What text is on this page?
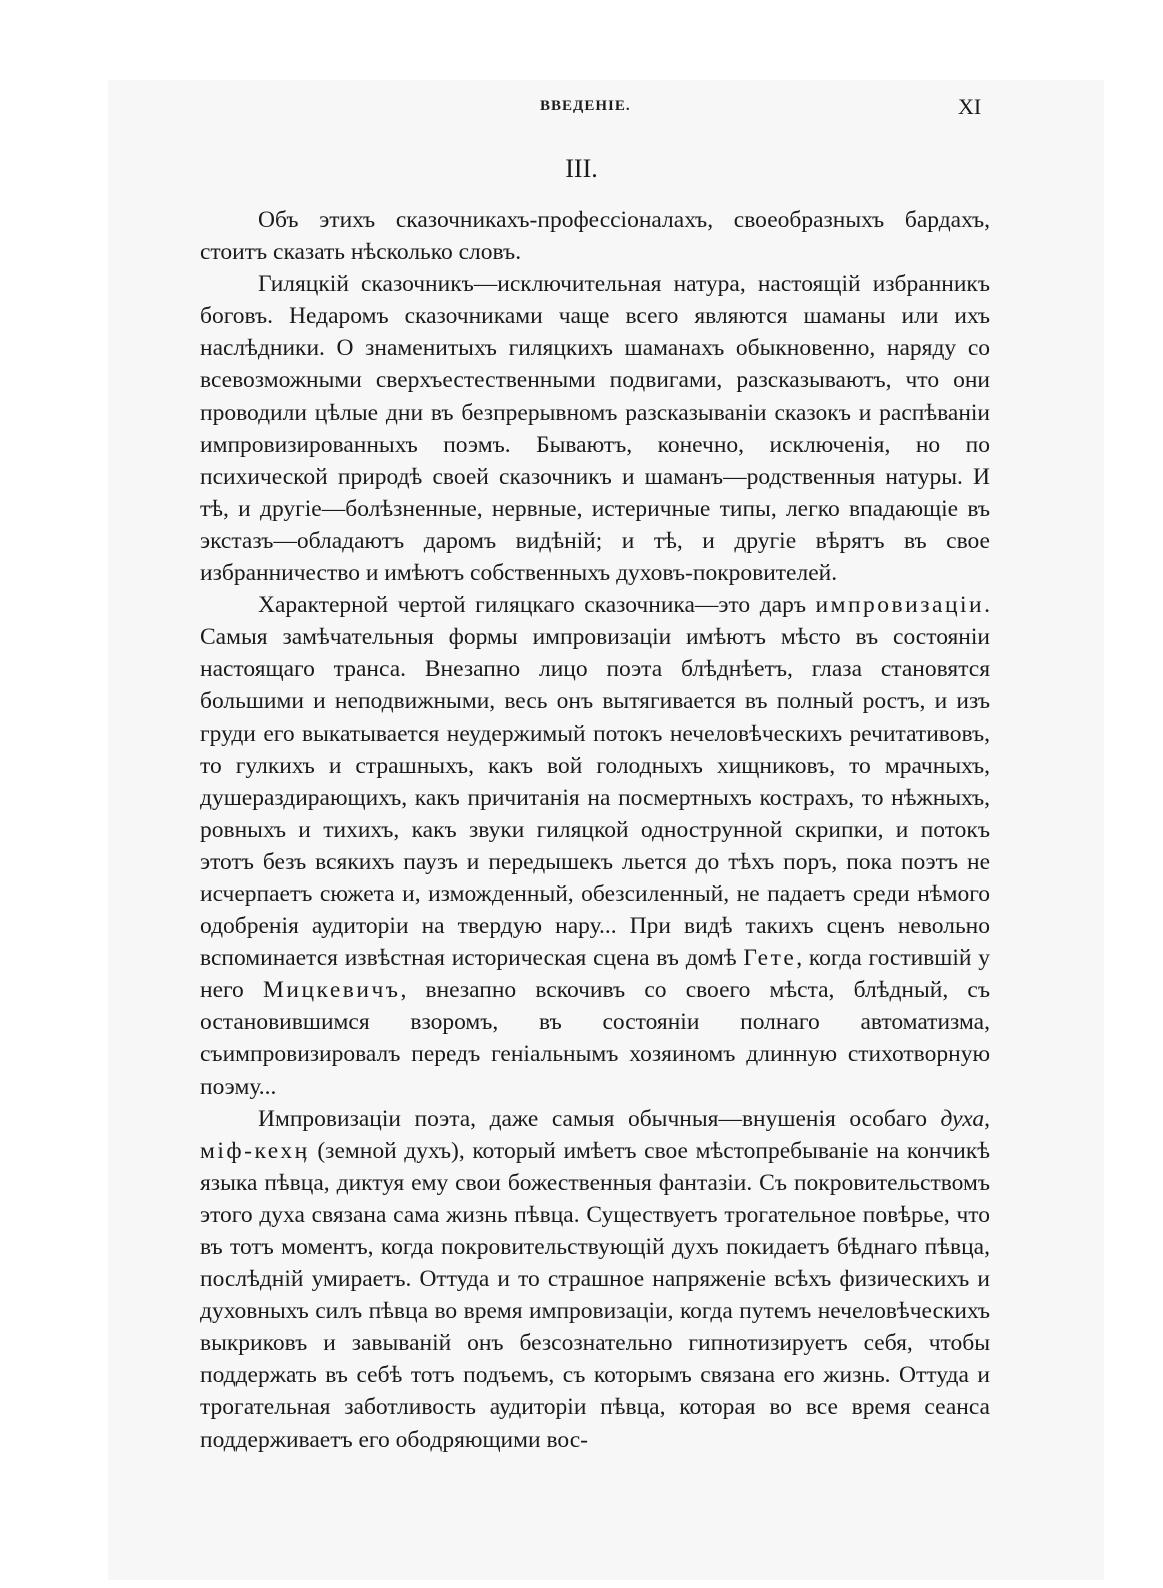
ВВЕДЕНІЕ.	XI
III.

Объ этихъ сказочникахъ-профессіоналахъ, своеобразныхъ бардахъ, стоитъ сказать нѣсколько словъ.

Гиляцкій сказочникъ—исключительная натура, настоящій избранникъ боговъ. Недаромъ сказочниками чаще всего являются шаманы или ихъ наслѣдники. О знаменитыхъ гиляцкихъ шаманахъ обыкновенно, наряду со всевозможными сверхъестественными подвигами, разсказываютъ, что они проводили цѣлые дни въ безпрерывномъ разсказываніи сказокъ и распѣваніи импровизированныхъ поэмъ. Бываютъ, конечно, исключенія, но по психической природѣ своей сказочникъ и шаманъ—родственныя натуры. И тѣ, и другіе—болѣзненные, нервные, истеричные типы, легко впадающіе въ экстазъ—обладаютъ даромъ видѣній; и тѣ, и другіе вѣрятъ въ свое избранничество и имѣютъ собственныхъ духовъ-покровителей.

Характерной чертой гиляцкаго сказочника—это даръ импровизаціи. Самыя замѣчательныя формы импровизаціи имѣютъ мѣсто въ состояніи настоящаго транса. Внезапно лицо поэта блѣднѣетъ, глаза становятся большими и неподвижными, весь онъ вытягивается въ полный ростъ, и изъ груди его выкатывается неудержимый потокъ нечеловѣческихъ речитативовъ, то гулкихъ и страшныхъ, какъ вой голодныхъ хищниковъ, то мрачныхъ, душераздирающихъ, какъ причитанія на посмертныхъ кострахъ, то нѣжныхъ, ровныхъ и тихихъ, какъ звуки гиляцкой однострунной скрипки, и потокъ этотъ безъ всякихъ паузъ и передышекъ льется до тѣхъ поръ, пока поэтъ не исчерпаетъ сюжета и, изможденный, обезсиленный, не падаетъ среди нѣмого одобренія аудиторіи на твердую нару... При видѣ такихъ сценъ невольно вспоминается извѣстная историческая сцена въ домѣ Гете, когда гостившій у него Мицкевичъ, внезапно вскочивъ со своего мѣста, блѣдный, съ остановившимся взоромъ, въ состояніи полнаго автоматизма, съимпровизировалъ передъ геніальнымъ хозяиномъ длинную стихотворную поэму...

Импровизаціи поэта, даже самыя обычныя—внушенія особаго духа, міф-кехӊ (земной духъ), который имѣетъ свое мѣстопребываніе на кончикѣ языка пѣвца, диктуя ему свои божественныя фантазіи. Съ покровительствомъ этого духа связана сама жизнь пѣвца. Существуетъ трогательное повѣрье, что въ тотъ моментъ, когда покровительствующій духъ покидаетъ бѣднаго пѣвца, послѣдній умираетъ. Оттуда и то страшное напряженіе всѣхъ физическихъ и духовныхъ силъ пѣвца во время импровизаціи, когда путемъ нечеловѣческихъ выкриковъ и завываній онъ безсознательно гипнотизируетъ себя, чтобы поддержать въ себѣ тотъ подъемъ, съ которымъ связана его жизнь. Оттуда и трогательная заботливость аудиторіи пѣвца, которая во все время сеанса поддерживаетъ его ободряющими вос-
